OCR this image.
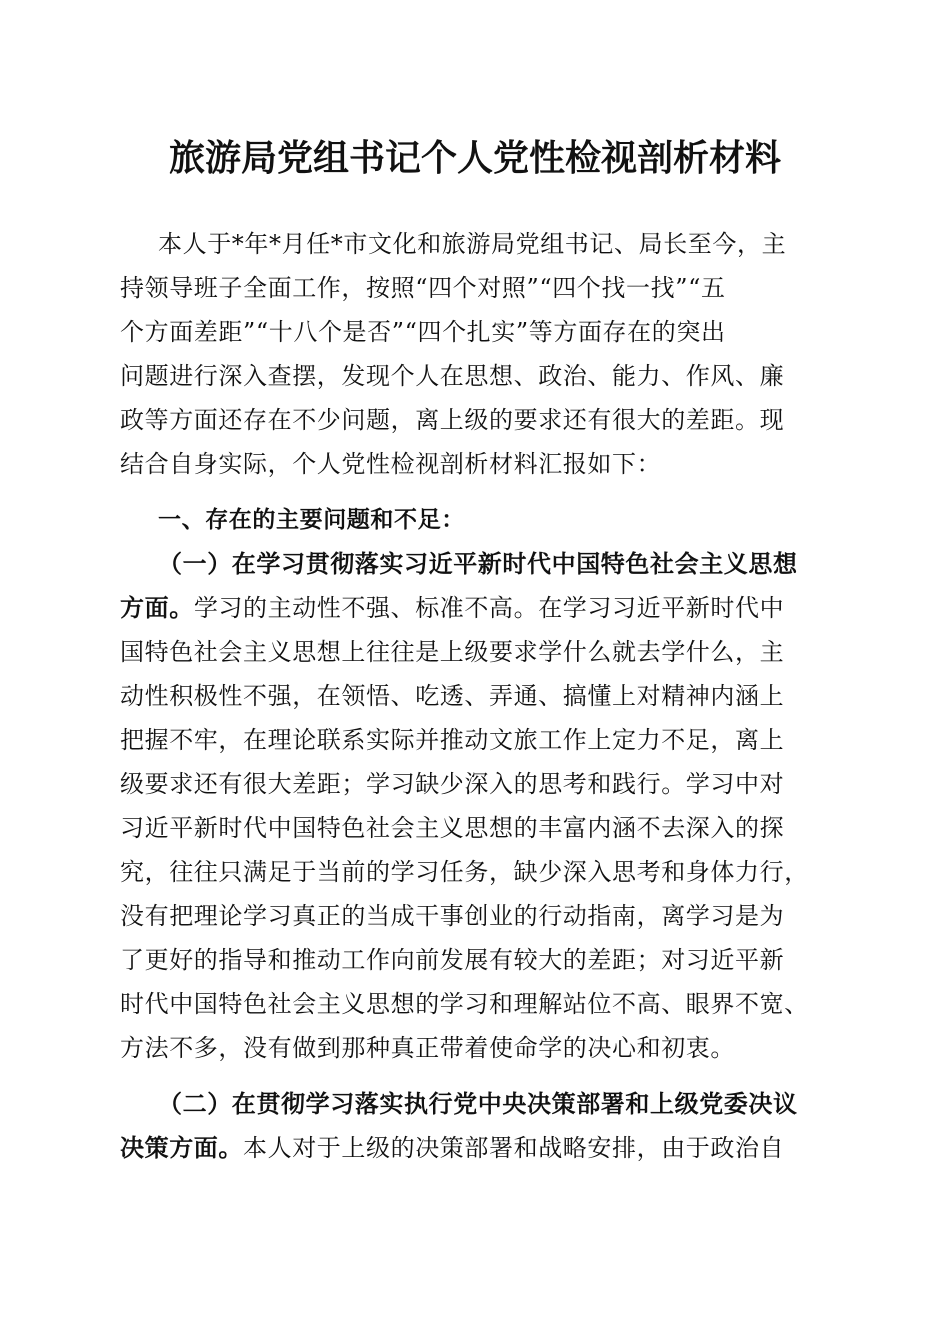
旅游局党组书记个人党性检视剖析材料
本人于*年*月任*市文化和旅游局党组书记、局长至今，主
持领导班子全面工作，按照“四个对照”“四个找一找”“五
个方面差距”“十八个是否”“四个扎实”等方面存在的突出
问题进行深入查摆，发现个人在思想、政治、能力、作风、廉
政等方面还存在不少问题，离上级的要求还有很大的差距。现
结合自身实际，个人党性检视剖析材料汇报如下：
一、存在的主要问题和不足：
（一）在学习贯彻落实习近平新时代中国特色社会主义思想
方面。学习的主动性不强、标准不高。在学习习近平新时代中
国特色社会主义思想上往往是上级要求学什么就去学什么，主
动性积极性不强，在领悟、吃透、弄通、搞懂上对精神内涵上
把握不牢，在理论联系实际并推动文旅工作上定力不足，离上
级要求还有很大差距；学习缺少深入的思考和践行。学习中对
习近平新时代中国特色社会主义思想的丰富内涵不去深入的探
究，往往只满足于当前的学习任务，缺少深入思考和身体力行，
没有把理论学习真正的当成干事创业的行动指南，离学习是为
了更好的指导和推动工作向前发展有较大的差距；对习近平新
时代中国特色社会主义思想的学习和理解站位不高、眼界不宽、
方法不多，没有做到那种真正带着使命学的决心和初衷。
（二）在贯彻学习落实执行党中央决策部署和上级党委决议
决策方面。本人对于上级的决策部署和战略安排，由于政治自
